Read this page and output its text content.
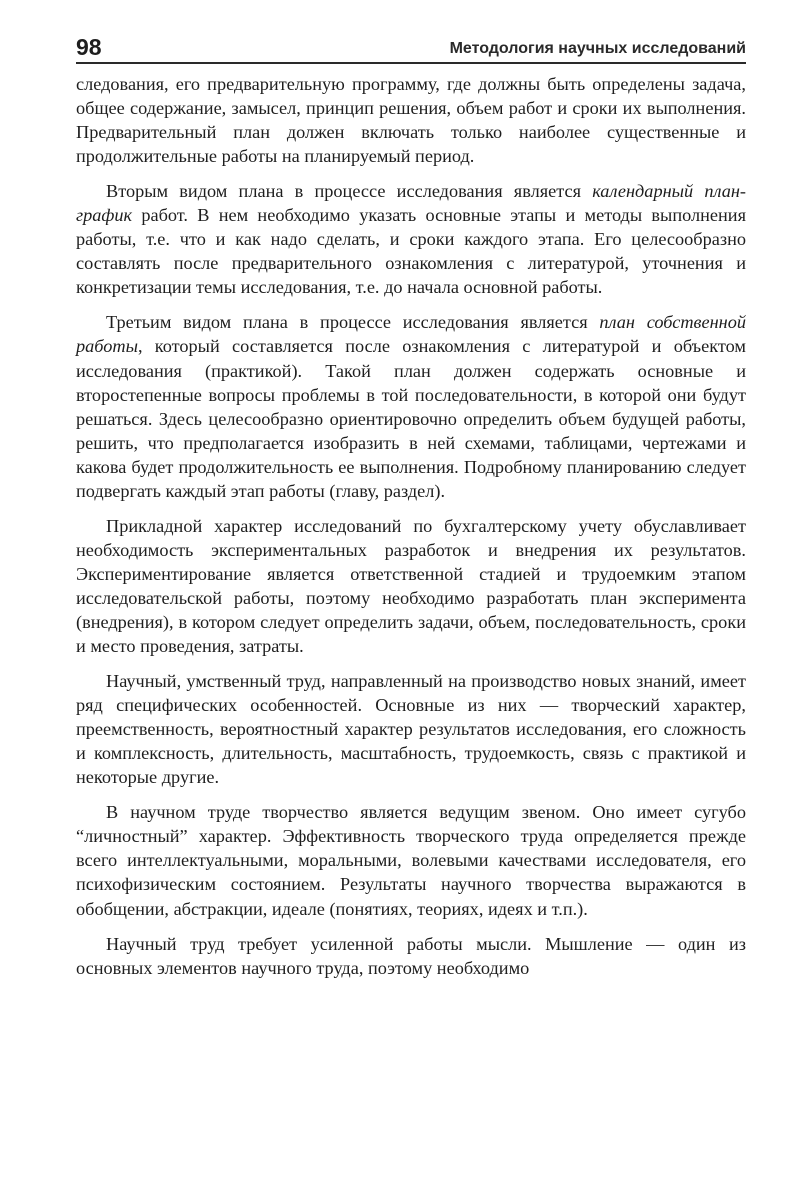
98	Методология научных исследований

следования, его предварительную программу, где должны быть определены задача, общее содержание, замысел, принцип решения, объем работ и сроки их выполнения. Предварительный план должен включать только наиболее существенные и продолжительные работы на планируемый период.

Вторым видом плана в процессе исследования является календарный план-график работ. В нем необходимо указать основные этапы и методы выполнения работы, т.е. что и как надо сделать, и сроки каждого этапа. Его целесообразно составлять после предварительного ознакомления с литературой, уточнения и конкретизации темы исследования, т.е. до начала основной работы.

Третьим видом плана в процессе исследования является план собственной работы, который составляется после ознакомления с литературой и объектом исследования (практикой). Такой план должен содержать основные и второстепенные вопросы проблемы в той последовательности, в которой они будут решаться. Здесь целесообразно ориентировочно определить объем будущей работы, решить, что предполагается изобразить в ней схемами, таблицами, чертежами и какова будет продолжительность ее выполнения. Подробному планированию следует подвергать каждый этап работы (главу, раздел).

Прикладной характер исследований по бухгалтерскому учету обуславливает необходимость экспериментальных разработок и внедрения их результатов. Экспериментирование является ответственной стадией и трудоемким этапом исследовательской работы, поэтому необходимо разработать план эксперимента (внедрения), в котором следует определить задачи, объем, последовательность, сроки и место проведения, затраты.

Научный, умственный труд, направленный на производство новых знаний, имеет ряд специфических особенностей. Основные из них — творческий характер, преемственность, вероятностный характер результатов исследования, его сложность и комплексность, длительность, масштабность, трудоемкость, связь с практикой и некоторые другие.

В научном труде творчество является ведущим звеном. Оно имеет сугубо “личностный” характер. Эффективность творческого труда определяется прежде всего интеллектуальными, моральными, волевыми качествами исследователя, его психофизическим состоянием. Результаты научного творчества выражаются в обобщении, абстракции, идеале (понятиях, теориях, идеях и т.п.).

Научный труд требует усиленной работы мысли. Мышление — один из основных элементов научного труда, поэтому необходимо
